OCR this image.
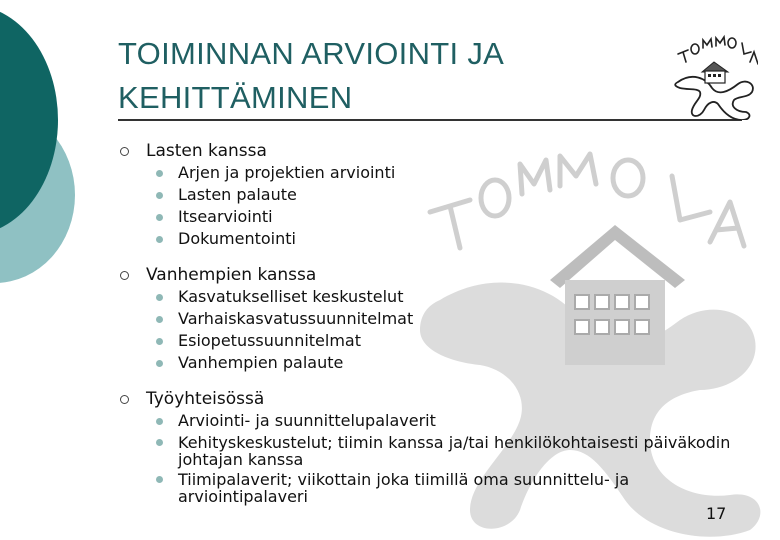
TOIMINNAN ARVIOINTI JA
KEHITTÄMINEN
Lasten kanssa
Arjen ja projektien arviointi
Lasten palaute
Itsearviointi
Dokumentointi
Vanhempien kanssa
Kasvatukselliset keskustelut
Varhaiskasvatussuunnitelmat
Esiopetussuunnitelmat
Vanhempien palaute
Työyhteisössä
Arviointi- ja suunnittelupalaverit
Kehityskeskustelut; tiimin kanssa ja/tai henkilökohtaisesti päiväkodin johtajan kanssa
Tiimipalaverit; viikottain joka tiimillä oma suunnittelu- ja arviointipalaveri
17
